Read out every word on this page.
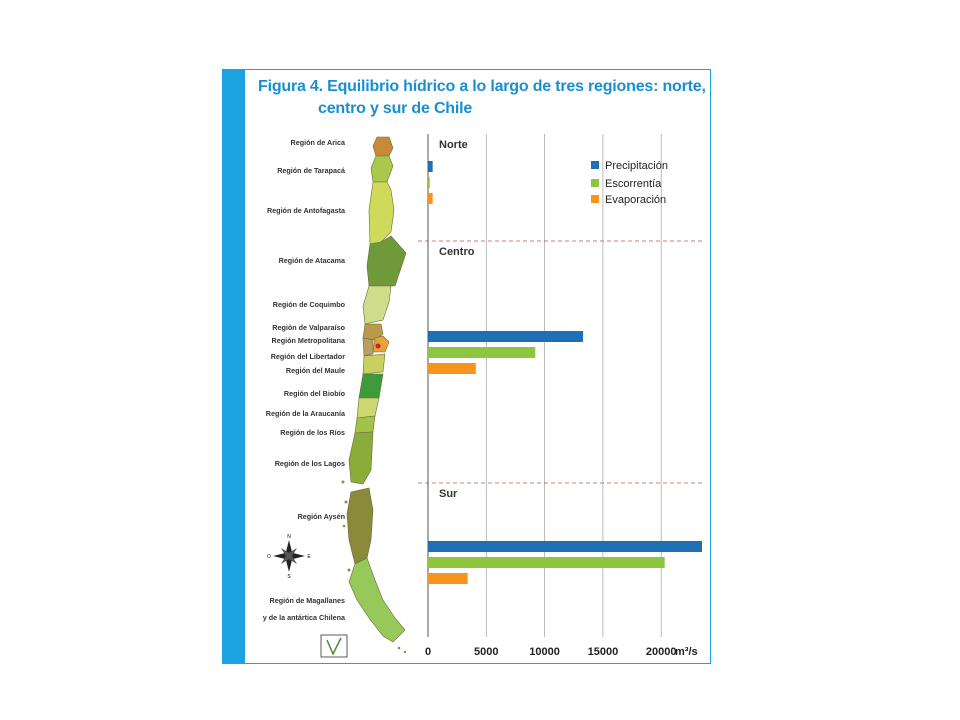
Figura 4. Equilibrio hídrico a lo largo de tres regiones: norte,
centro y sur de Chile
N
S
E
O
Región de Arica
Región de Tarapacá
Región de Antofagasta
Región de Atacama
Región de Coquimbo
Región de Valparaíso
Región Metropolitana
Región del Libertador
Región del Maule
Región del Biobío
Región de la Araucanía
Región de los Ríos
Región de los Lagos
Región Aysén
Región de Magallanes
y de la antártica Chilena
0	5000	10000	15000	20000
m³/s
Norte
Centro
Sur
Precipitación
Escorrentía
Evaporación
